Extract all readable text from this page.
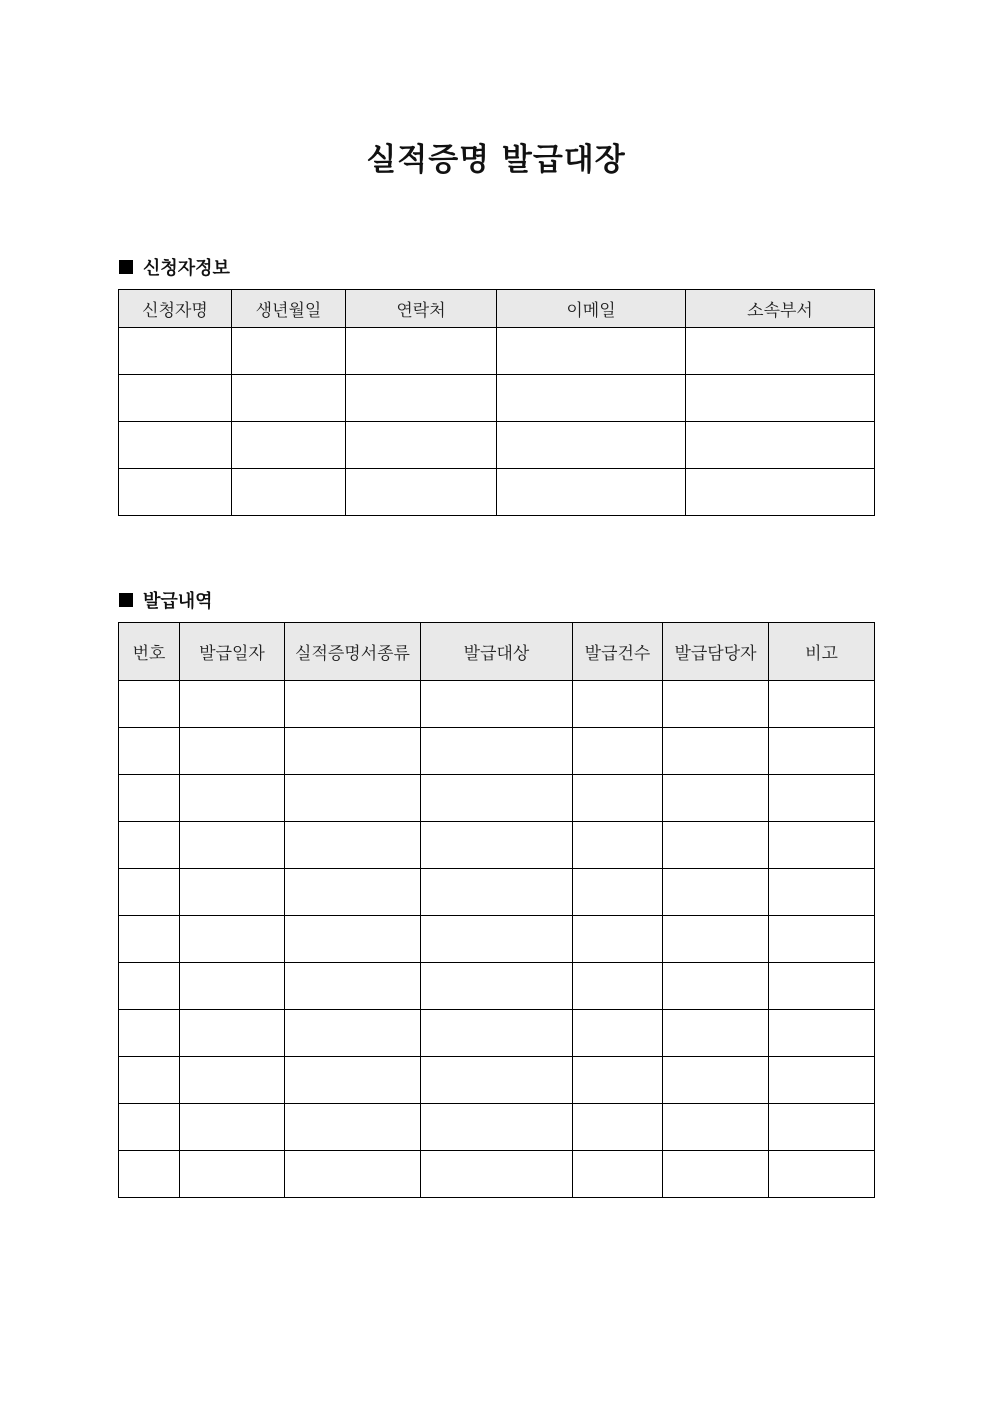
실적증명 발급대장
신청자정보
신청자명	생년월일	연락처	이메일	소속부서

발급내역
번호	발급일자	실적증명서종류	발급대상	발급건수	발급담당자	비고
